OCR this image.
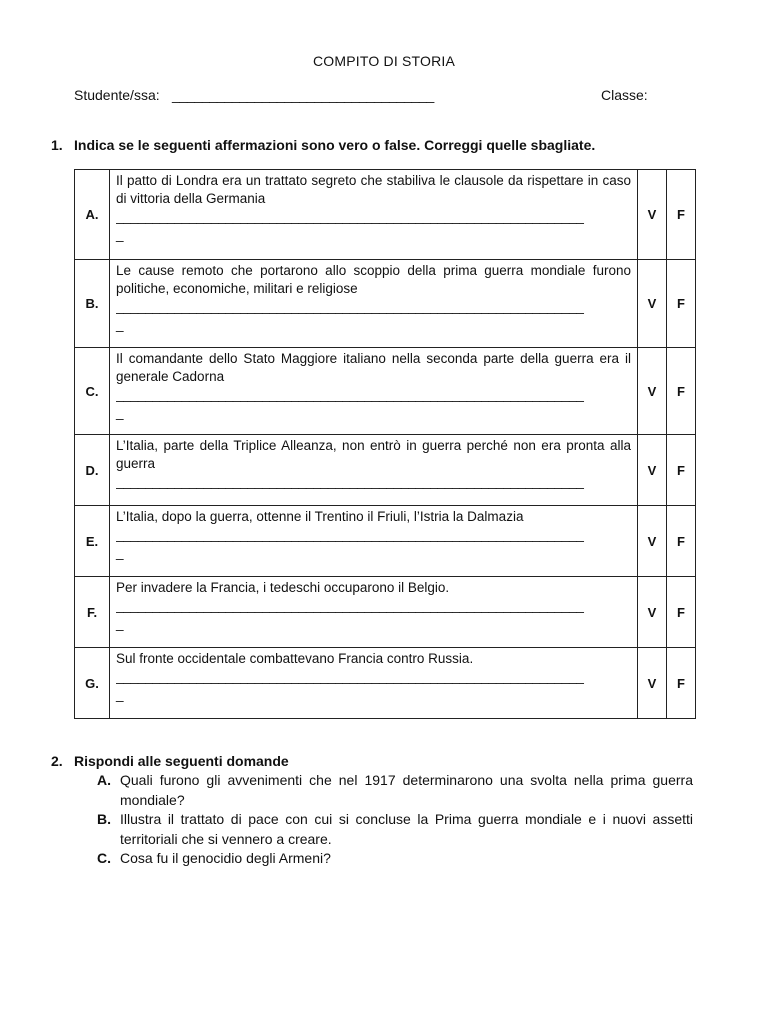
COMPITO DI STORIA
Studente/ssa: ___________________________________	Classe:
1. Indica se le seguenti affermazioni sono vero o false. Correggi quelle sbagliate.
A.	Il patto di Londra era un trattato segreto che stabiliva le clausole da rispettare in caso di vittoria della Germania
________________________________________________________________
_	V	F
B.	Le cause remoto che portarono allo scoppio della prima guerra mondiale furono politiche, economiche, militari e religiose
________________________________________________________________
_	V	F
C.	Il comandante dello Stato Maggiore italiano nella seconda parte della guerra era il generale Cadorna
________________________________________________________________
_	V	F
D.	L’Italia, parte della Triplice Alleanza, non entrò in guerra perché non era pronta alla guerra
________________________________________________________________	V	F
E.	L’Italia, dopo la guerra, ottenne il Trentino il Friuli, l’Istria la Dalmazia
________________________________________________________________
_	V	F
F.	Per invadere la Francia, i tedeschi occuparono il Belgio.
________________________________________________________________
_	V	F
G.	Sul fronte occidentale combattevano Francia contro Russia.
________________________________________________________________
_	V	F
2. Rispondi alle seguenti domande
A. Quali furono gli avvenimenti che nel 1917 determinarono una svolta nella prima guerra mondiale?
B. Illustra il trattato di pace con cui si concluse la Prima guerra mondiale e i nuovi assetti territoriali che si vennero a creare.
C. Cosa fu il genocidio degli Armeni?
